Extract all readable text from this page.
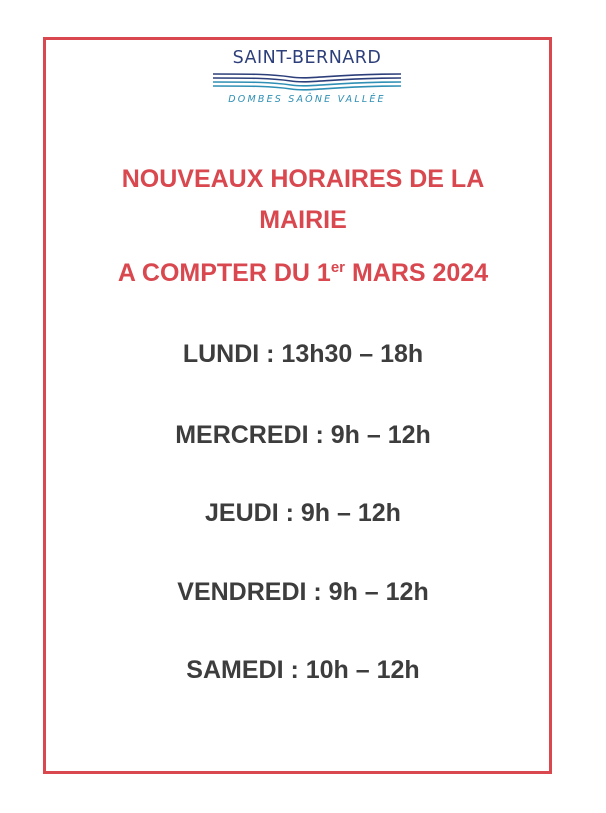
SAINT-BERNARD
DOMBES SAÔNE VALLÉE
NOUVEAUX HORAIRES DE LA
MAIRIE
A COMPTER DU 1er MARS 2024
LUNDI : 13h30 – 18h
MERCREDI : 9h – 12h
JEUDI : 9h – 12h
VENDREDI : 9h – 12h
SAMEDI : 10h – 12h
